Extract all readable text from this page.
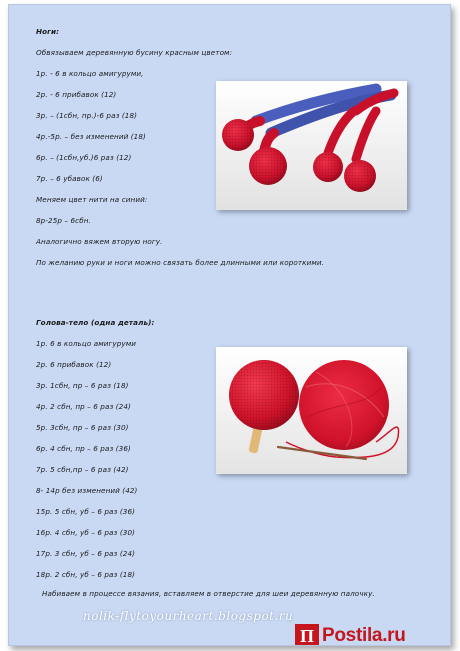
Ноги:
Обвязываем деревянную бусину красным цветом:
1р. - 6 в кольцо амигуруми,
2р. - 6 прибавок (12)
3р. – (1сбн, пр.)-6 раз (18)
4р.-5р. – без изменений (18)
6р. – (1сбн,уб.)6 раз (12)
7р. – 6 убавок (6)
Меняем цвет нити на синий:
8р-25р – 6сбн.
Аналогично вяжем вторую ногу.
По желанию руки и ноги можно связать более длинными или короткими.
Голова-тело (одна деталь):
1р. 6 в кольцо амигуруми
2р. 6 прибавок (12)
3р. 1сбн, пр – 6 раз (18)
4р. 2 сбн, пр – 6 раз (24)
5р. 3сбн, пр – 6 раз (30)
6р. 4 сбн, пр – 6 раз (36)
7р. 5 сбн,пр – 6 раз (42)
8- 14р без изменений (42)
15р. 5 сбн, уб – 6 раз (36)
16р. 4 сбн, уб – 6 раз (30)
17р. 3 сбн, уб – 6 раз (24)
18р. 2 сбн, уб – 6 раз (18)
Набиваем в процессе вязания, вставляем в отверстие для шеи деревянную палочку.
nolik-flytoyourheart.blogspot.ru
П Postila.ru
